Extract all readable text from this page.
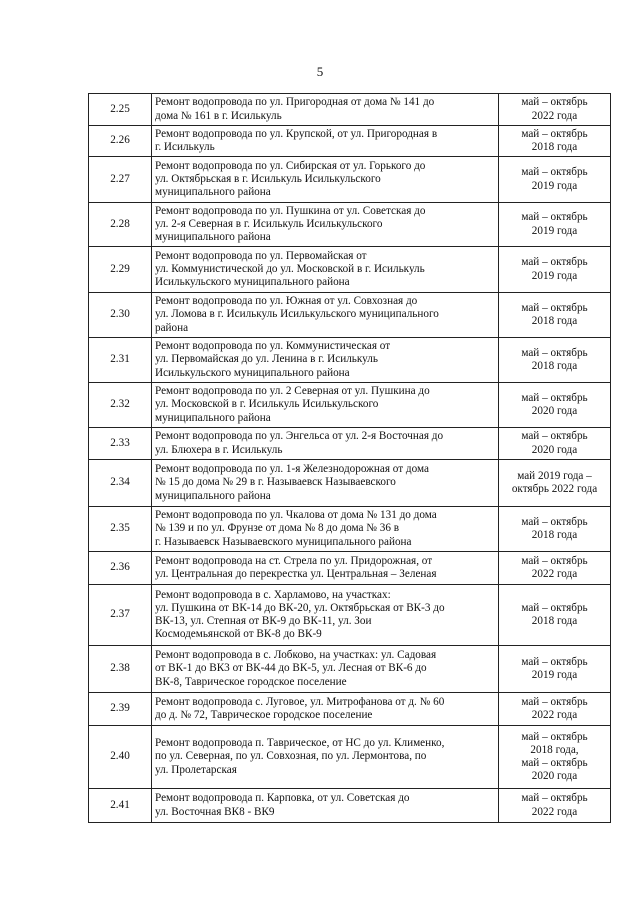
5
2.25	Ремонт водопровода по ул. Пригородная от дома № 141 до
дома № 161 в г. Исилькуль	май – октябрь
2022 года

2.26	Ремонт водопровода по ул. Крупской, от ул. Пригородная в
г. Исилькуль	май – октябрь
2018 года

2.27	Ремонт водопровода по ул. Сибирская от ул. Горького до
ул. Октябрьская в г. Исилькуль Исилькульского
муниципального района	май – октябрь
2019 года

2.28	Ремонт водопровода по ул. Пушкина от ул. Советская до
ул. 2-я Северная в г. Исилькуль Исилькульского
муниципального района	май – октябрь
2019 года

2.29	Ремонт водопровода по ул. Первомайская от
ул. Коммунистической до ул. Московской в г. Исилькуль
Исилькульского муниципального района	май – октябрь
2019 года

2.30	Ремонт водопровода по ул. Южная от ул. Совхозная до
ул. Ломова в г. Исилькуль Исилькульского муниципального
района	май – октябрь
2018 года

2.31	Ремонт водопровода по ул. Коммунистическая от
ул. Первомайская до ул. Ленина в г. Исилькуль
Исилькульского муниципального района	май – октябрь
2018 года

2.32	Ремонт водопровода по ул. 2 Северная от ул. Пушкина до
ул. Московской в г. Исилькуль Исилькульского
муниципального района	май – октябрь
2020 года

2.33	Ремонт водопровода по ул. Энгельса от ул. 2-я Восточная до
ул. Блюхера в г. Исилькуль	май – октябрь
2020 года

2.34	Ремонт водопровода по ул. 1-я Железнодорожная от дома
№ 15 до дома № 29 в г. Называевск Называевского
муниципального района	май 2019 года –
октябрь 2022 года

2.35	Ремонт водопровода по ул. Чкалова от дома № 131 до дома
№ 139 и по ул. Фрунзе от дома № 8 до дома № 36 в
г. Называевск Называевского муниципального района	май – октябрь
2018 года

2.36	Ремонт водопровода на ст. Стрела по ул. Придорожная, от
ул. Центральная до перекрестка ул. Центральная – Зеленая	май – октябрь
2022 года

2.37	Ремонт водопровода в с. Харламово, на участках:
ул. Пушкина от ВК-14 до ВК-20, ул. Октябрьская от ВК-3 до
ВК-13, ул. Степная от ВК-9 до ВК-11, ул. Зои
Космодемьянской от ВК-8 до ВК-9	май – октябрь
2018 года

2.38	Ремонт водопровода в с. Лобково, на участках: ул. Садовая
от ВК-1 до ВК3 от ВК-44 до ВК-5, ул. Лесная от ВК-6 до
ВК-8, Таврическое городское поселение	май – октябрь
2019 года

2.39	Ремонт водопровода с. Луговое, ул. Митрофанова от д. № 60
до д. № 72, Таврическое городское поселение	май – октябрь
2022 года

2.40	Ремонт водопровода п. Таврическое, от НС до ул. Клименко,
по ул. Северная, по ул. Совхозная, по ул. Лермонтова, по
ул. Пролетарская	май – октябрь
2018 года,
май – октябрь
2020 года

2.41	Ремонт водопровода п. Карповка, от ул. Советская до
ул. Восточная ВК8 - ВК9	май – октябрь
2022 года
